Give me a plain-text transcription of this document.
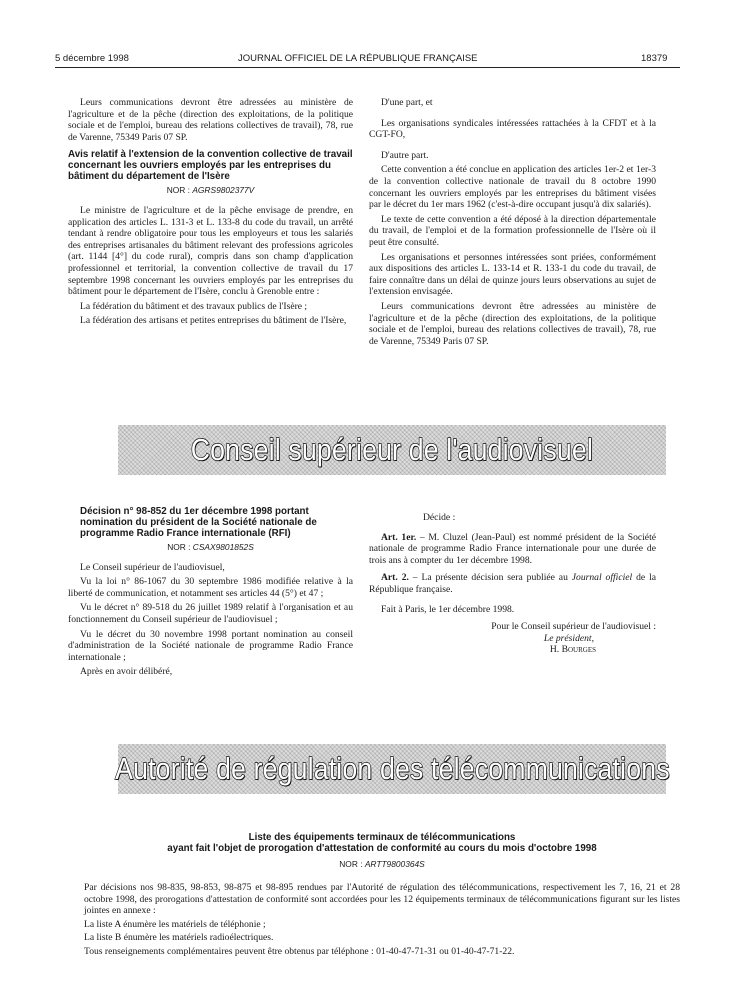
5 décembre 1998	JOURNAL OFFICIEL DE LA RÉPUBLIQUE FRANÇAISE	18379

Leurs communications devront être adressées au ministère de l'agriculture et de la pêche (direction des exploitations, de la politique sociale et de l'emploi, bureau des relations collectives de travail), 78, rue de Varenne, 75349 Paris 07 SP.

Avis relatif à l'extension de la convention collective de travail concernant les ouvriers employés par les entreprises du bâtiment du département de l'Isère
NOR : AGRS9802377V

Le ministre de l'agriculture et de la pêche envisage de prendre, en application des articles L. 131-3 et L. 133-8 du code du travail, un arrêté tendant à rendre obligatoire pour tous les employeurs et tous les salariés des entreprises artisanales du bâtiment relevant des professions agricoles (art. 1144 [4°] du code rural), compris dans son champ d'application professionnel et territorial, la convention collective de travail du 17 septembre 1998 concernant les ouvriers employés par les entreprises du bâtiment pour le département de l'Isère, conclu à Grenoble entre :

La fédération du bâtiment et des travaux publics de l'Isère ;

La fédération des artisans et petites entreprises du bâtiment de l'Isère,

D'une part, et

Les organisations syndicales intéressées rattachées à la CFDT et à la CGT-FO,

D'autre part.

Cette convention a été conclue en application des articles 1er-2 et 1er-3 de la convention collective nationale de travail du 8 octobre 1990 concernant les ouvriers employés par les entreprises du bâtiment visées par le décret du 1er mars 1962 (c'est-à-dire occupant jusqu'à dix salariés).

Le texte de cette convention a été déposé à la direction départementale du travail, de l'emploi et de la formation professionnelle de l'Isère où il peut être consulté.

Les organisations et personnes intéressées sont priées, conformément aux dispositions des articles L. 133-14 et R. 133-1 du code du travail, de faire connaître dans un délai de quinze jours leurs observations au sujet de l'extension envisagée.

Leurs communications devront être adressées au ministère de l'agriculture et de la pêche (direction des exploitations, de la politique sociale et de l'emploi, bureau des relations collectives de travail), 78, rue de Varenne, 75349 Paris 07 SP.

Conseil supérieur de l'audiovisuel
Décision n° 98-852 du 1er décembre 1998 portant nomination du président de la Société nationale de programme Radio France internationale (RFI)
NOR : CSAX9801852S

Le Conseil supérieur de l'audiovisuel,

Vu la loi n° 86-1067 du 30 septembre 1986 modifiée relative à la liberté de communication, et notamment ses articles 44 (5°) et 47 ;

Vu le décret n° 89-518 du 26 juillet 1989 relatif à l'organisation et au fonctionnement du Conseil supérieur de l'audiovisuel ;

Vu le décret du 30 novembre 1998 portant nomination au conseil d'administration de la Société nationale de programme Radio France internationale ;

Après en avoir délibéré,

Décide :

Art. 1er. – M. Cluzel (Jean-Paul) est nommé président de la Société nationale de programme Radio France internationale pour une durée de trois ans à compter du 1er décembre 1998.

Art. 2. – La présente décision sera publiée au Journal officiel de la République française.

Fait à Paris, le 1er décembre 1998.

Pour le Conseil supérieur de l'audiovisuel :
Le président,
H. Bourges
Autorité de régulation des télécommunications
Liste des équipements terminaux de télécommunications
ayant fait l'objet de prorogation d'attestation de conformité au cours du mois d'octobre 1998
NOR : ARTT9800364S

Par décisions nos 98-835, 98-853, 98-875 et 98-895 rendues par l'Autorité de régulation des télécommunications, respectivement les 7, 16, 21 et 28 octobre 1998, des prorogations d'attestation de conformité sont accordées pour les 12 équipements terminaux de télécommunications figurant sur les listes jointes en annexe :

La liste A énumère les matériels de téléphonie ;

La liste B énumère les matériels radioélectriques.

Tous renseignements complémentaires peuvent être obtenus par téléphone : 01-40-47-71-31 ou 01-40-47-71-22.
